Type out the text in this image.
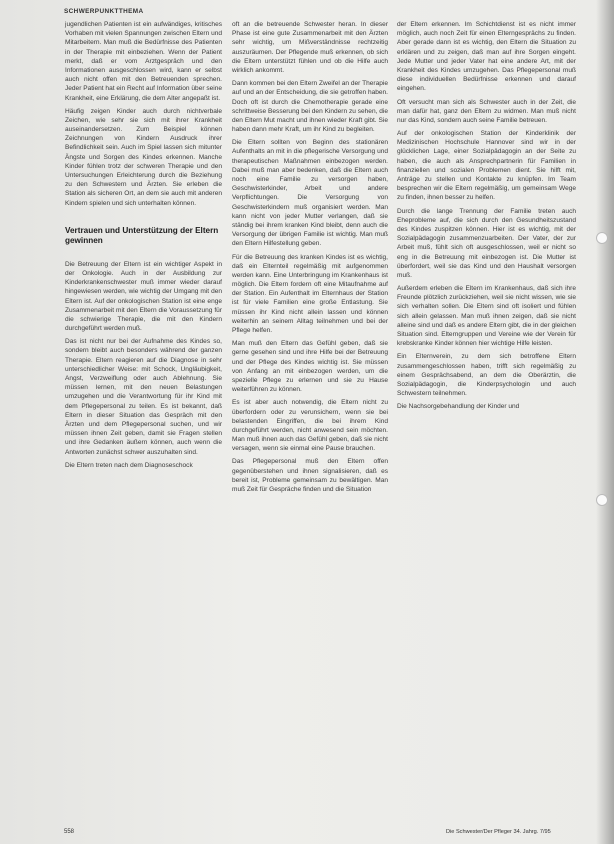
SCHWERPUNKTTHEMA

jugendlichen Patienten ist ein aufwändiges, kritisches Vorhaben mit vielen Spannungen zwischen Eltern und Mitarbeitern. Man muß die Bedürfnisse des Patienten in der Therapie mit einbeziehen. Wenn der Patient merkt, daß er vom Arztgespräch und den Informationen ausgeschlossen wird, kann er selbst auch nicht offen mit den Betreuenden sprechen. Jeder Patient hat ein Recht auf Information über seine Krankheit, eine Erklärung, die dem Alter angepaßt ist.

Häufig zeigen Kinder auch durch nichtverbale Zeichen, wie sehr sie sich mit ihrer Krankheit auseinandersetzen. Zum Beispiel können Zeichnungen von Kindern Ausdruck ihrer Befindlichkeit sein. Auch im Spiel lassen sich mitunter Ängste und Sorgen des Kindes erkennen. Manche Kinder fühlen trotz der schweren Therapie und den Untersuchungen Erleichterung durch die Beziehung zu den Schwestern und Ärzten. Sie erleben die Station als sicheren Ort, an dem sie auch mit anderen Kindern spielen und sich unterhalten können.

Vertrauen und Unterstützung der Eltern gewinnen

Die Betreuung der Eltern ist ein wichtiger Aspekt in der Onkologie. Auch in der Ausbildung zur Kinderkrankenschwester muß immer wieder darauf hingewiesen werden, wie wichtig der Umgang mit den Eltern ist. Auf der onkologischen Station ist eine enge Zusammenarbeit mit den Eltern die Voraussetzung für die schwierige Therapie, die mit den Kindern durchgeführt werden muß.

Das ist nicht nur bei der Aufnahme des Kindes so, sondern bleibt auch besonders während der ganzen Therapie. Eltern reagieren auf die Diagnose in sehr unterschiedlicher Weise: mit Schock, Ungläubigkeit, Angst, Verzweiflung oder auch Ablehnung. Sie müssen lernen, mit den neuen Belastungen umzugehen und die Verantwortung für ihr Kind mit dem Pflegepersonal zu teilen. Es ist bekannt, daß Eltern in dieser Situation das Gespräch mit den Ärzten und dem Pflegepersonal suchen, und wir müssen ihnen Zeit geben, damit sie Fragen stellen und ihre Gedanken äußern können, auch wenn die Antworten zunächst schwer auszuhalten sind.

Die Eltern treten nach dem Diagnoseschock

oft an die betreuende Schwester heran. In dieser Phase ist eine gute Zusammenarbeit mit den Ärzten sehr wichtig, um Mißverständnisse rechtzeitig auszuräumen. Der Pflegende muß erkennen, ob sich die Eltern unterstützt fühlen und ob die Hilfe auch wirklich ankommt.

Dann kommen bei den Eltern Zweifel an der Therapie auf und an der Entscheidung, die sie getroffen haben. Doch oft ist durch die Chemotherapie gerade eine schrittweise Besserung bei den Kindern zu sehen, die den Eltern Mut macht und ihnen wieder Kraft gibt. Sie haben dann mehr Kraft, um ihr Kind zu begleiten.

Die Eltern sollten von Beginn des stationären Aufenthalts an mit in die pflegerische Versorgung und therapeutischen Maßnahmen einbezogen werden. Dabei muß man aber bedenken, daß die Eltern auch noch eine Familie zu versorgen haben, Geschwisterkinder, Arbeit und andere Verpflichtungen. Die Versorgung von Geschwisterkindern muß organisiert werden. Man kann nicht von jeder Mutter verlangen, daß sie ständig bei ihrem kranken Kind bleibt, denn auch die Versorgung der übrigen Familie ist wichtig. Man muß den Eltern Hilfestellung geben.

Für die Betreuung des kranken Kindes ist es wichtig, daß ein Elternteil regelmäßig mit aufgenommen werden kann. Eine Unterbringung im Krankenhaus ist möglich. Die Eltern fordern oft eine Mitaufnahme auf der Station. Ein Aufenthalt im Elternhaus der Station ist für viele Familien eine große Entlastung. Sie müssen ihr Kind nicht allein lassen und können weiterhin an seinem Alltag teilnehmen und bei der Pflege helfen.

Man muß den Eltern das Gefühl geben, daß sie gerne gesehen sind und ihre Hilfe bei der Betreuung und der Pflege des Kindes wichtig ist. Sie müssen von Anfang an mit einbezogen werden, um die spezielle Pflege zu erlernen und sie zu Hause weiterführen zu können.

Es ist aber auch notwendig, die Eltern nicht zu überfordern oder zu verunsichern, wenn sie bei belastenden Eingriffen, die bei ihrem Kind durchgeführt werden, nicht anwesend sein möchten. Man muß ihnen auch das Gefühl geben, daß sie nicht versagen, wenn sie einmal eine Pause brauchen.

Das Pflegepersonal muß den Eltern offen gegenüberstehen und ihnen signalisieren, daß es bereit ist, Probleme gemeinsam zu bewältigen. Man muß Zeit für Gespräche finden und die Situation

der Eltern erkennen. Im Schichtdienst ist es nicht immer möglich, auch noch Zeit für einen Elterngesprächs zu finden. Aber gerade dann ist es wichtig, den Eltern die Situation zu erklären und zu zeigen, daß man auf ihre Sorgen eingeht. Jede Mutter und jeder Vater hat eine andere Art, mit der Krankheit des Kindes umzugehen. Das Pflegepersonal muß diese individuellen Bedürfnisse erkennen und darauf eingehen.

Oft versucht man sich als Schwester auch in der Zeit, die man dafür hat, ganz den Eltern zu widmen. Man muß nicht nur das Kind, sondern auch seine Familie betreuen.

Auf der onkologischen Station der Kinderklinik der Medizinischen Hochschule Hannover sind wir in der glücklichen Lage, einer Sozialpädagogin an der Seite zu haben, die auch als Ansprechpartnerin für Familien in finanziellen und sozialen Problemen dient. Sie hilft mit, Anträge zu stellen und Kontakte zu knüpfen. Im Team besprechen wir die Eltern regelmäßig, um gemeinsam Wege zu finden, ihnen besser zu helfen.

Durch die lange Trennung der Familie treten auch Eheprobleme auf, die sich durch den Gesundheitszustand des Kindes zuspitzen können. Hier ist es wichtig, mit der Sozialpädagogin zusammenzuarbeiten. Der Vater, der zur Arbeit muß, fühlt sich oft ausgeschlossen, weil er nicht so eng in die Betreuung mit einbezogen ist. Die Mutter ist überfordert, weil sie das Kind und den Haushalt versorgen muß.

Außerdem erleben die Eltern im Krankenhaus, daß sich ihre Freunde plötzlich zurückziehen, weil sie nicht wissen, wie sie sich verhalten sollen. Die Eltern sind oft isoliert und fühlen sich allein gelassen. Man muß ihnen zeigen, daß sie nicht alleine sind und daß es andere Eltern gibt, die in der gleichen Situation sind. Elterngruppen und Vereine wie der Verein für krebskranke Kinder können hier wichtige Hilfe leisten.

Ein Elternverein, zu dem sich betroffene Eltern zusammengeschlossen haben, trifft sich regelmäßig zu einem Gesprächsabend, an dem die Oberärztin, die Sozialpädagogin, die Kinderpsychologin und auch Schwestern teilnehmen.

Die Nachsorgebehandlung der Kinder und

558	Die Schwester/Der Pfleger 34. Jahrg. 7/95
